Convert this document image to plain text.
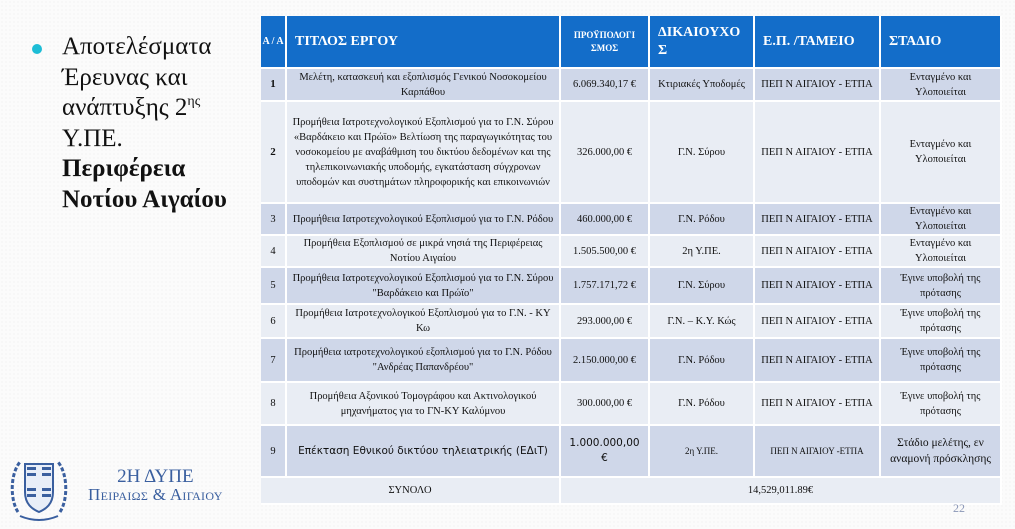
Αποτελέσματα Έρευνας και ανάπτυξης $2^{\eta\varsigma}$ Υ.ΠΕ.
Περιφέρεια Νοτίου Αιγαίου
2Η ΔΥΠΕ
Πειραιως & Αιγαιου
Α / Α	ΤΙΤΛΟΣ ΕΡΓΟΥ	ΠΡΟΫΠΟΛΟΓΙ ΣΜΟΣ	ΔΙΚΑΙΟΥΧΟ Σ	Ε.Π. /ΤΑΜΕΙΟ	ΣΤΑΔΙΟ
1	Μελέτη, κατασκευή και εξοπλισμός Γενικού Νοσοκομείου Καρπάθου	6.069.340,17 €	Κτιριακές Υποδομές	ΠΕΠ Ν ΑΙΓΑΙΟΥ - ΕΤΠΑ	Ενταγμένο και Υλοποιείται
2	Προμήθεια Ιατροτεχνολογικού Εξοπλισμού για το Γ.Ν. Σύρου «Βαρδάκειο και Πρώϊο» Βελτίωση της παραγωγικότητας του νοσοκομείου με αναβάθμιση του δικτύου δεδομένων και της τηλεπικοινωνιακής υποδομής, εγκατάσταση σύγχρονων υποδομών και συστημάτων πληροφορικής και επικοινωνιών	326.000,00 €	Γ.Ν. Σύρου	ΠΕΠ Ν ΑΙΓΑΙΟΥ - ΕΤΠΑ	Ενταγμένο και Υλοποιείται
3	Προμήθεια Ιατροτεχνολογικού Εξοπλισμού για το Γ.Ν. Ρόδου	460.000,00 €	Γ.Ν. Ρόδου	ΠΕΠ Ν ΑΙΓΑΙΟΥ - ΕΤΠΑ	Ενταγμένο και Υλοποιείται
4	Προμήθεια Εξοπλισμού σε μικρά νησιά της Περιφέρειας Νοτίου Αιγαίου	1.505.500,00 €	2η Υ.ΠΕ.	ΠΕΠ Ν ΑΙΓΑΙΟΥ - ΕΤΠΑ	Ενταγμένο και Υλοποιείται
5	Προμήθεια Ιατροτεχνολογικού Εξοπλισμού για το Γ.Ν. Σύρου "Βαρδάκειο και Πρώϊο"	1.757.171,72 €	Γ.Ν. Σύρου	ΠΕΠ Ν ΑΙΓΑΙΟΥ - ΕΤΠΑ	Έγινε υποβολή της πρότασης
6	Προμήθεια Ιατροτεχνολογικού Εξοπλισμού για το Γ.Ν. - ΚΥ Κω	293.000,00 €	Γ.Ν. – Κ.Υ. Κώς	ΠΕΠ Ν ΑΙΓΑΙΟΥ - ΕΤΠΑ	Έγινε υποβολή της πρότασης
7	Προμήθεια ιατροτεχνολογικού εξοπλισμού για το Γ.Ν. Ρόδου "Ανδρέας Παπανδρέου"	2.150.000,00 €	Γ.Ν. Ρόδου	ΠΕΠ Ν ΑΙΓΑΙΟΥ - ΕΤΠΑ	Έγινε υποβολή της πρότασης
8	Προμήθεια Αξονικού Τομογράφου και Ακτινολογικού μηχανήματος για το ΓΝ-ΚΥ Καλύμνου	300.000,00 €	Γ.Ν. Ρόδου	ΠΕΠ Ν ΑΙΓΑΙΟΥ - ΕΤΠΑ	Έγινε υποβολή της πρότασης
9	Επέκταση Εθνικού δικτύου τηλειατρικής (ΕΔιΤ)	1.000.000,00 €	2η Υ.ΠΕ.	ΠΕΠ Ν ΑΙΓΑΙΟΥ -ΕΤΠΑ	Στάδιο μελέτης, εν αναμονή πρόσκλησης
ΣΥΝΟΛΟ		14,529,011.89€			
22
